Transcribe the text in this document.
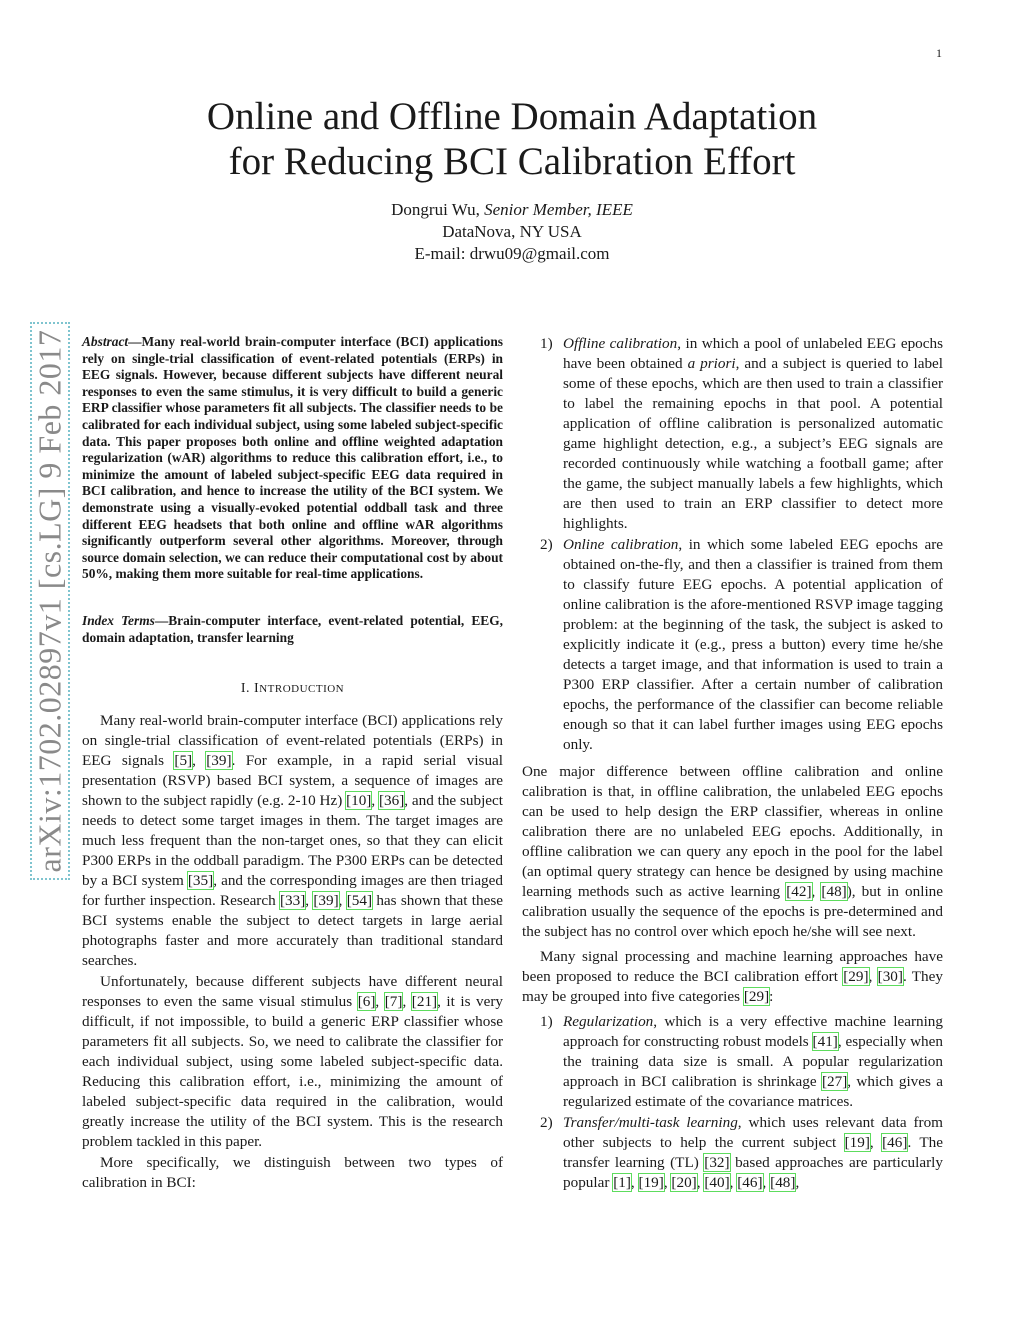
1
Online and Offline Domain Adaptation
for Reducing BCI Calibration Effort
Dongrui Wu, Senior Member, IEEE
DataNova, NY USA
E-mail: drwu09@gmail.com
arXiv:1702.02897v1 [cs.LG] 9 Feb 2017 Abstract—Many real-world brain-computer interface (BCI) applications rely on single-trial classification of event-related potentials (ERPs) in EEG signals. However, because different subjects have different neural responses to even the same stimulus, it is very difficult to build a generic ERP classifier whose parameters fit all subjects. The classifier needs to be calibrated for each individual subject, using some labeled subject-specific data. This paper proposes both online and offline weighted adaptation regularization (wAR) algorithms to reduce this calibration effort, i.e., to minimize the amount of labeled subject-specific EEG data required in BCI calibration, and hence to increase the utility of the BCI system. We demonstrate using a visually-evoked potential oddball task and three different EEG headsets that both online and offline wAR algorithms significantly outperform several other algorithms. Moreover, through source domain selection, we can reduce their computational cost by about 50%, making them more suitable for real-time applications.
Index Terms—Brain-computer interface, event-related potential, EEG, domain adaptation, transfer learning
I. INTRODUCTION

Many real-world brain-computer interface (BCI) applications rely on single-trial classification of event-related potentials (ERPs) in EEG signals [5], [39]. For example, in a rapid serial visual presentation (RSVP) based BCI system, a sequence of images are shown to the subject rapidly (e.g. 2-10 Hz) [10], [36], and the subject needs to detect some target images in them. The target images are much less frequent than the non-target ones, so that they can elicit P300 ERPs in the oddball paradigm. The P300 ERPs can be detected by a BCI system [35], and the corresponding images are then triaged for further inspection. Research [33], [39], [54] has shown that these BCI systems enable the subject to detect targets in large aerial photographs faster and more accurately than traditional standard searches.

Unfortunately, because different subjects have different neural responses to even the same visual stimulus [6], [7], [21], it is very difficult, if not impossible, to build a generic ERP classifier whose parameters fit all subjects. So, we need to calibrate the classifier for each individual subject, using some labeled subject-specific data. Reducing this calibration effort, i.e., minimizing the amount of labeled subject-specific data required in the calibration, would greatly increase the utility of the BCI system. This is the research problem tackled in this paper.

More specifically, we distinguish between two types of calibration in BCI:

1) Offline calibration, in which a pool of unlabeled EEG epochs have been obtained a priori, and a subject is queried to label some of these epochs, which are then used to train a classifier to label the remaining epochs in that pool. A potential application of offline calibration is personalized automatic game highlight detection, e.g., a subject’s EEG signals are recorded continuously while watching a football game; after the game, the subject manually labels a few highlights, which are then used to train an ERP classifier to detect more highlights.
2) Online calibration, in which some labeled EEG epochs are obtained on-the-fly, and then a classifier is trained from them to classify future EEG epochs. A potential application of online calibration is the afore-mentioned RSVP image tagging problem: at the beginning of the task, the subject is asked to explicitly indicate it (e.g., press a button) every time he/she detects a target image, and that information is used to train a P300 ERP classifier. After a certain number of calibration epochs, the performance of the classifier can become reliable enough so that it can label further images using EEG epochs only.

One major difference between offline calibration and online calibration is that, in offline calibration, the unlabeled EEG epochs can be used to help design the ERP classifier, whereas in online calibration there are no unlabeled EEG epochs. Additionally, in offline calibration we can query any epoch in the pool for the label (an optimal query strategy can hence be designed by using machine learning methods such as active learning [42], [48]), but in online calibration usually the sequence of the epochs is pre-determined and the subject has no control over which epoch he/she will see next.

Many signal processing and machine learning approaches have been proposed to reduce the BCI calibration effort [29], [30]. They may be grouped into five categories [29]:

1) Regularization, which is a very effective machine learning approach for constructing robust models [41], especially when the training data size is small. A popular regularization approach in BCI calibration is shrinkage [27], which gives a regularized estimate of the covariance matrices.
2) Transfer/multi-task learning, which uses relevant data from other subjects to help the current subject [19], [46]. The transfer learning (TL) [32] based approaches are particularly popular [1], [19], [20], [40], [46], [48],
